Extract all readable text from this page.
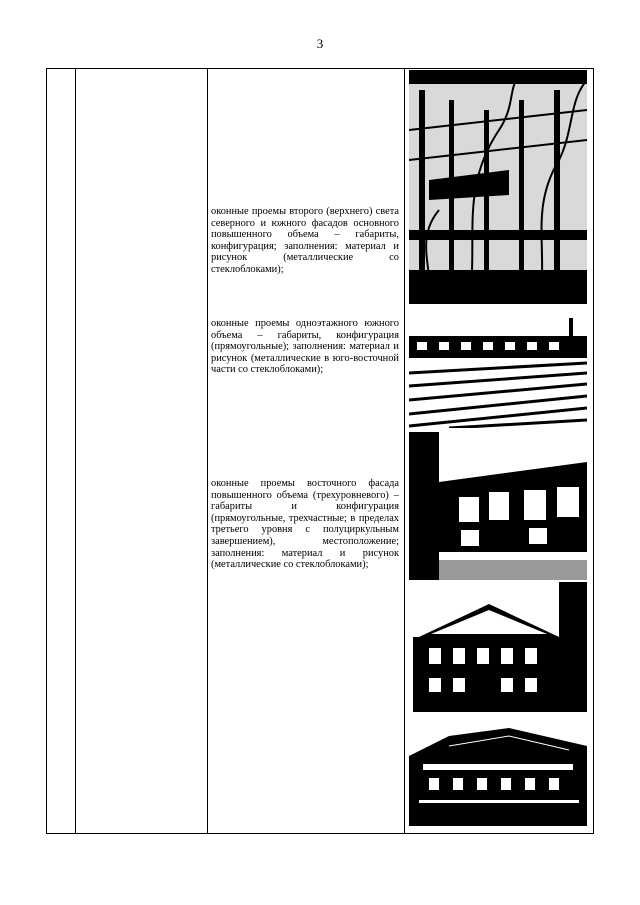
3
оконные проемы второго (верхнего) света северного и южного фасадов основного повышенного объема – габариты, конфигурация; заполнения: материал и рисунок (металлические со стеклоблоками);
оконные проемы одноэтажного южного объема – габариты, конфигурация (прямоугольные); заполнения: материал и рисунок (металлические в юго-восточной части со стеклоблоками);
оконные проемы восточного фасада повышенного объема (трехуровневого) – габариты и конфигурация (прямоугольные, трехчастные; в пределах третьего уровня с полуциркульным завершением), местоположение; заполнения: материал и рисунок (металлические со стеклоблоками);
